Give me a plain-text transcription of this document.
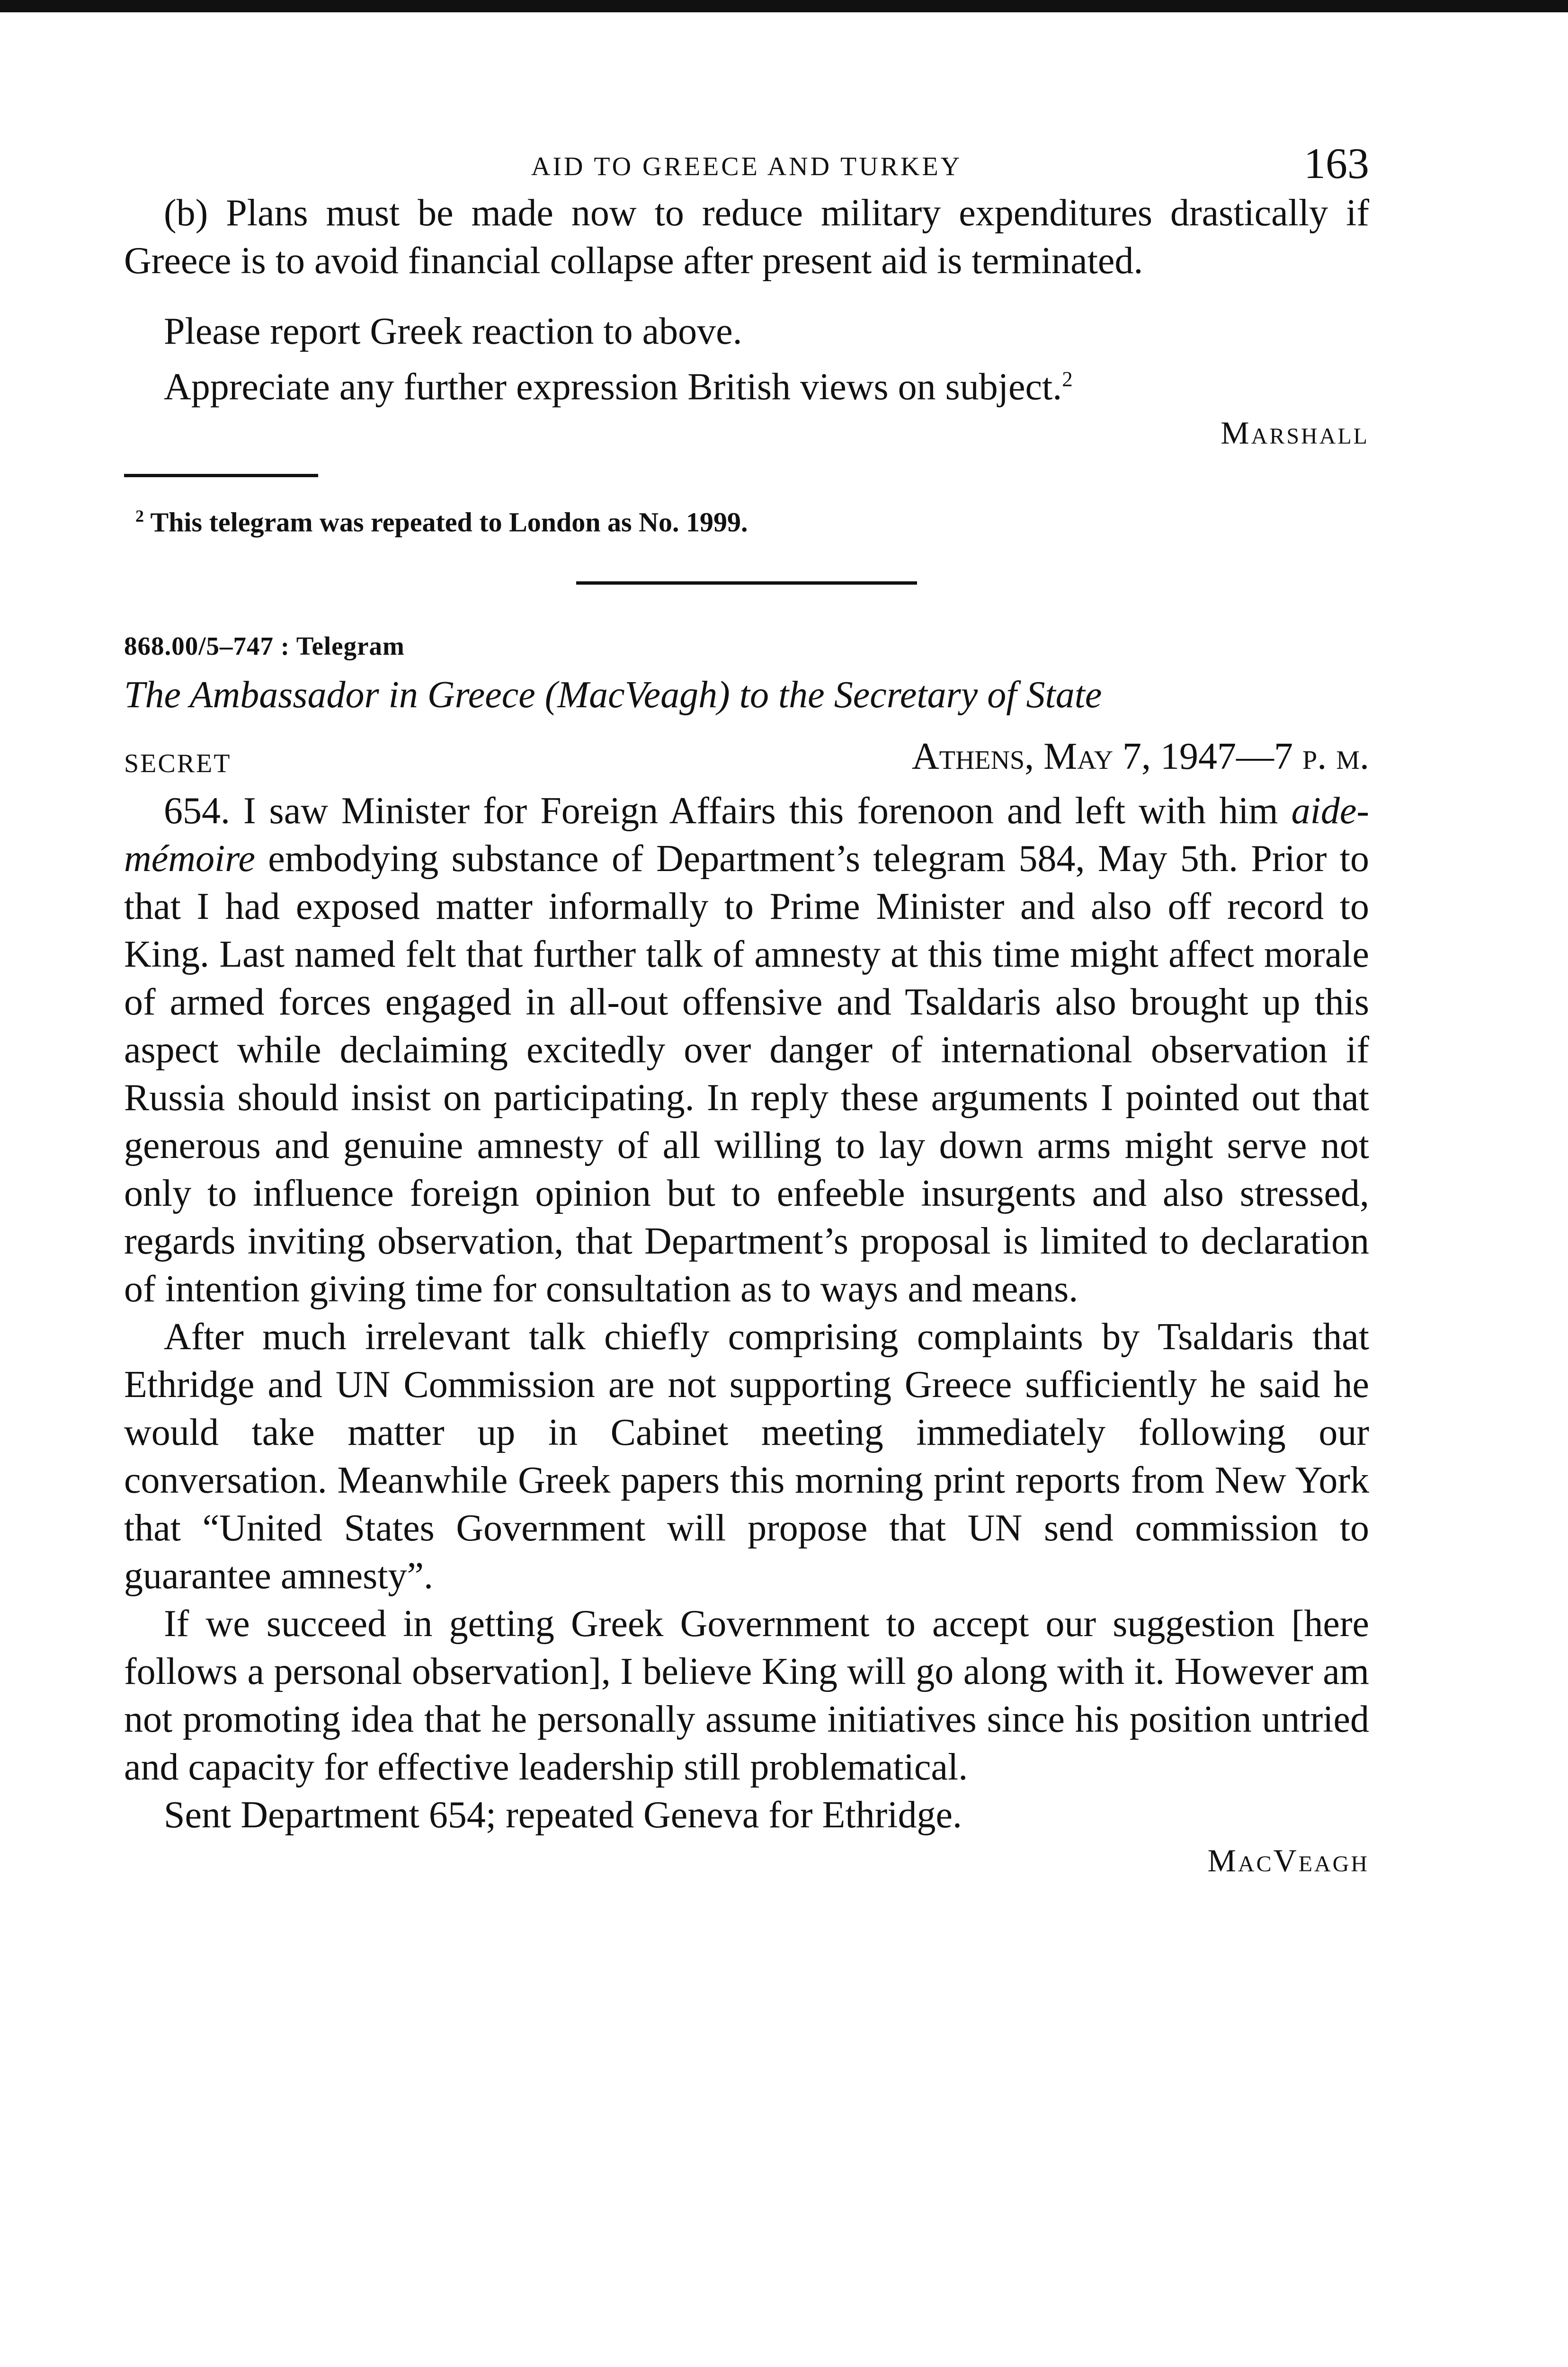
AID TO GREECE AND TURKEY	163

(b) Plans must be made now to reduce military expenditures drastically if Greece is to avoid financial collapse after present aid is terminated.

Please report Greek reaction to above.

Appreciate any further expression British views on subject.$^2$

Marshall

$^2$ This telegram was repeated to London as No. 1999.

868.00/5–747 : Telegram
The Ambassador in Greece (MacVeagh) to the Secretary of State
SECRET	Athens, May 7, 1947—7 p. m.

654. I saw Minister for Foreign Affairs this forenoon and left with him aide-mémoire embodying substance of Department’s telegram 584, May 5th. Prior to that I had exposed matter informally to Prime Minister and also off record to King. Last named felt that further talk of amnesty at this time might affect morale of armed forces engaged in all-out offensive and Tsaldaris also brought up this aspect while declaiming excitedly over danger of international observation if Russia should insist on participating. In reply these arguments I pointed out that generous and genuine amnesty of all willing to lay down arms might serve not only to influence foreign opinion but to enfeeble insurgents and also stressed, regards inviting observation, that Department’s proposal is limited to declaration of intention giving time for consultation as to ways and means.

After much irrelevant talk chiefly comprising complaints by Tsaldaris that Ethridge and UN Commission are not supporting Greece sufficiently he said he would take matter up in Cabinet meeting immediately following our conversation. Meanwhile Greek papers this morning print reports from New York that “United States Government will propose that UN send commission to guarantee amnesty”.

If we succeed in getting Greek Government to accept our suggestion [here follows a personal observation], I believe King will go along with it. However am not promoting idea that he personally assume initiatives since his position untried and capacity for effective leadership still problematical.

Sent Department 654; repeated Geneva for Ethridge.

MacVeagh
